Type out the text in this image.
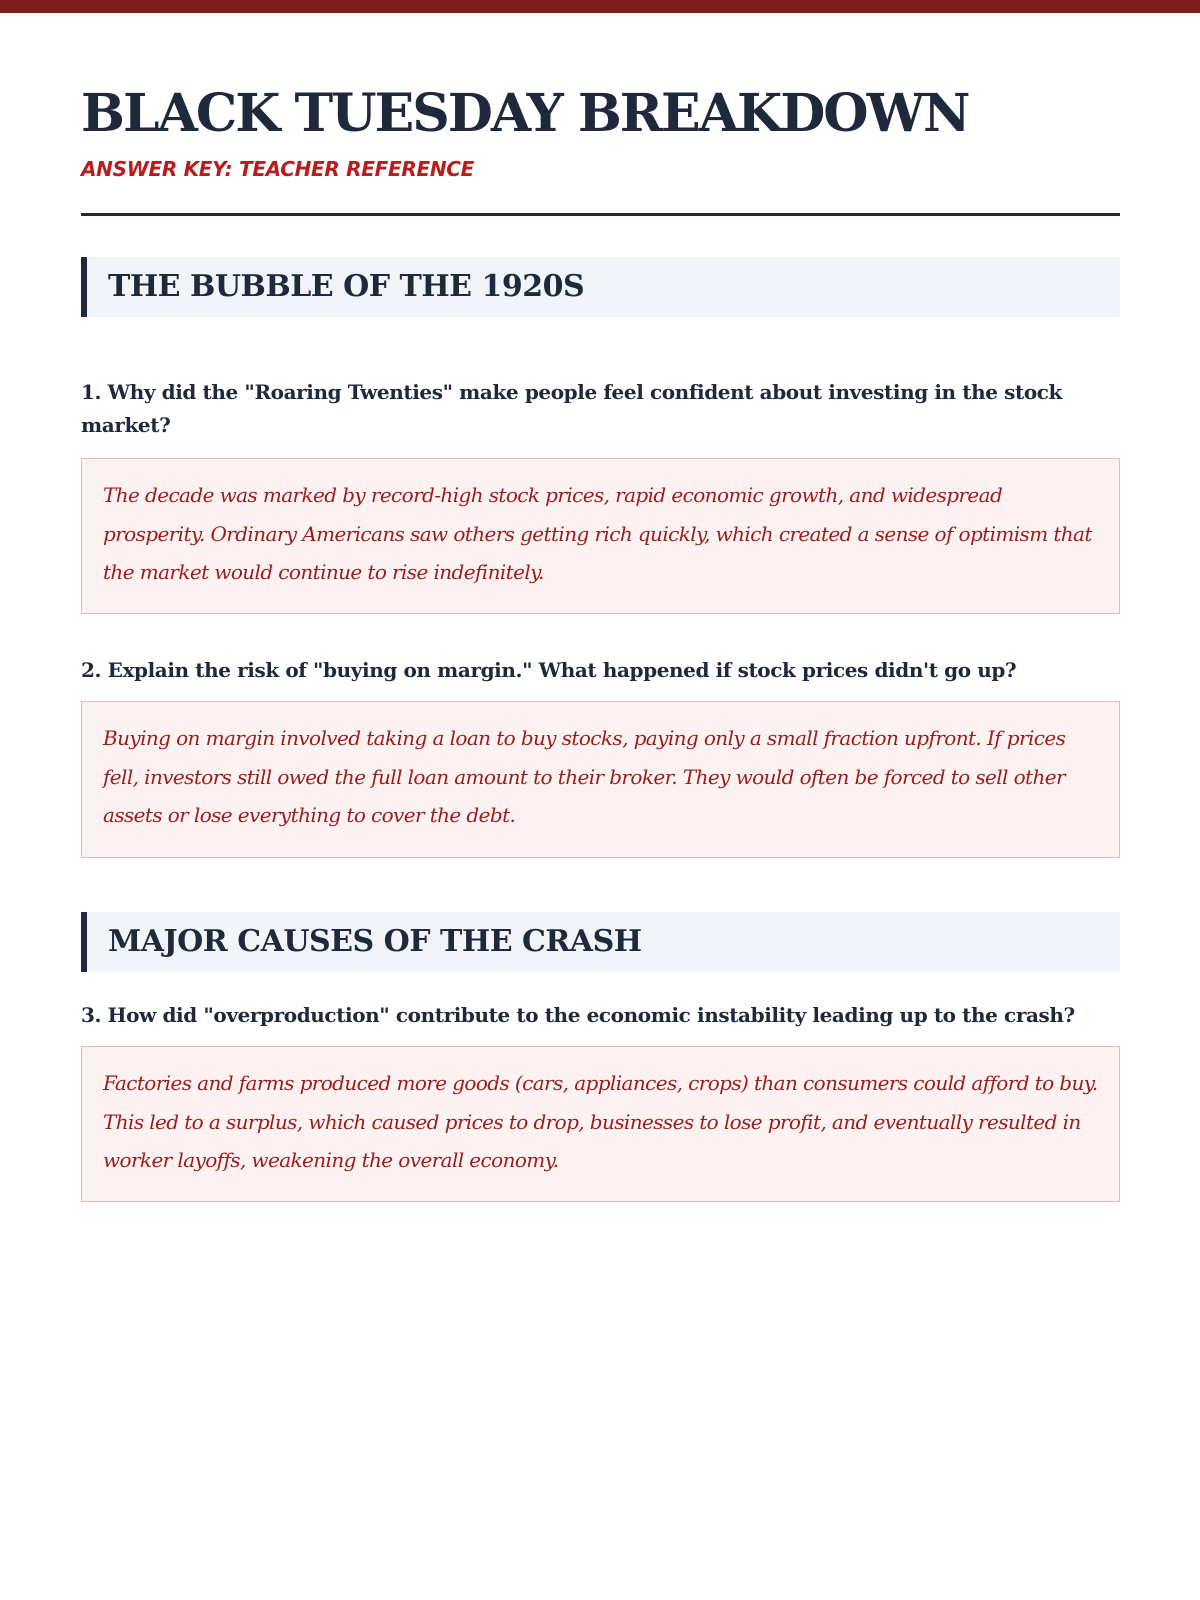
BLACK TUESDAY BREAKDOWN
ANSWER KEY: TEACHER REFERENCE
THE BUBBLE OF THE 1920S
1. Why did the "Roaring Twenties" make people feel confident about investing in the stock market?

The decade was marked by record-high stock prices, rapid economic growth, and widespread prosperity. Ordinary Americans saw others getting rich quickly, which created a sense of optimism that the market would continue to rise indefinitely.

2. Explain the risk of "buying on margin." What happened if stock prices didn't go up?

Buying on margin involved taking a loan to buy stocks, paying only a small fraction upfront. If prices fell, investors still owed the full loan amount to their broker. They would often be forced to sell other assets or lose everything to cover the debt.

MAJOR CAUSES OF THE CRASH
3. How did "overproduction" contribute to the economic instability leading up to the crash?

Factories and farms produced more goods (cars, appliances, crops) than consumers could afford to buy. This led to a surplus, which caused prices to drop, businesses to lose profit, and eventually resulted in worker layoffs, weakening the overall economy.
